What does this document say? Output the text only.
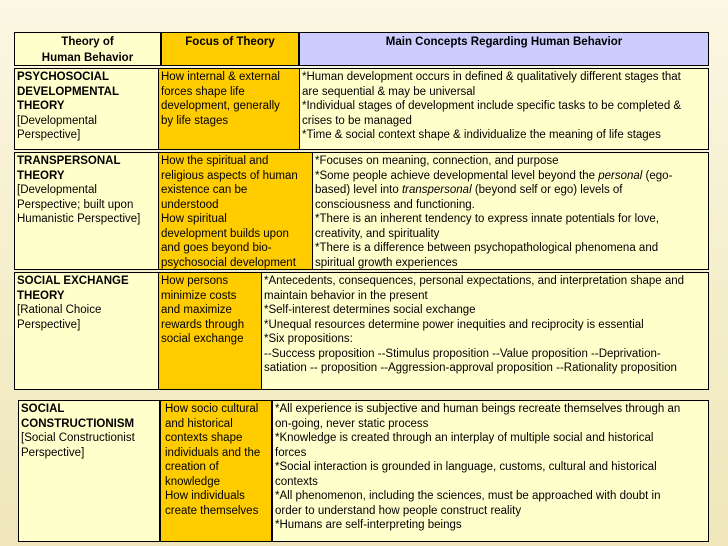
Theory of
Human Behavior
Focus of Theory	Main Concepts Regarding Human Behavior
PSYCHOSOCIAL
DEVELOPMENTAL
THEORY
[Developmental
Perspective]
How internal & external
forces shape life
development, generally
by life stages
*Human development occurs in defined & qualitatively different stages that
are sequential & may be universal
*Individual stages of development include specific tasks to be completed &
crises to be managed
*Time & social context shape & individualize the meaning of life stages
TRANSPERSONAL
THEORY
[Developmental
Perspective; built upon
Humanistic Perspective]
How the spiritual and
religious aspects of human
existence can be
understood
How spiritual
development builds upon
and goes beyond bio-
psychosocial development
*Focuses on meaning, connection, and purpose
*Some people achieve developmental level beyond the personal (ego-
based) level into transpersonal (beyond self or ego) levels of
consciousness and functioning.
*There is an inherent tendency to express innate potentials for love,
creativity, and spirituality
*There is a difference between psychopathological phenomena and
spiritual growth experiences
SOCIAL EXCHANGE
THEORY
[Rational Choice
Perspective]
How persons
minimize costs
and maximize
rewards through
social exchange
*Antecedents, consequences, personal expectations, and interpretation shape and
maintain behavior in the present
*Self-interest determines social exchange
*Unequal resources determine power inequities and reciprocity is essential
*Six propositions:
--Success proposition --Stimulus proposition --Value proposition --Deprivation-
satiation -- proposition --Aggression-approval proposition --Rationality proposition
SOCIAL
CONSTRUCTIONISM
[Social Constructionist
Perspective]
How socio cultural
and historical
contexts shape
individuals and the
creation of
knowledge
How individuals
create themselves
*All experience is subjective and human beings recreate themselves through an
on-going, never static process
*Knowledge is created through an interplay of multiple social and historical
forces
*Social interaction is grounded in language, customs, cultural and historical
contexts
*All phenomenon, including the sciences, must be approached with doubt in
order to understand how people construct reality
*Humans are self-interpreting beings
